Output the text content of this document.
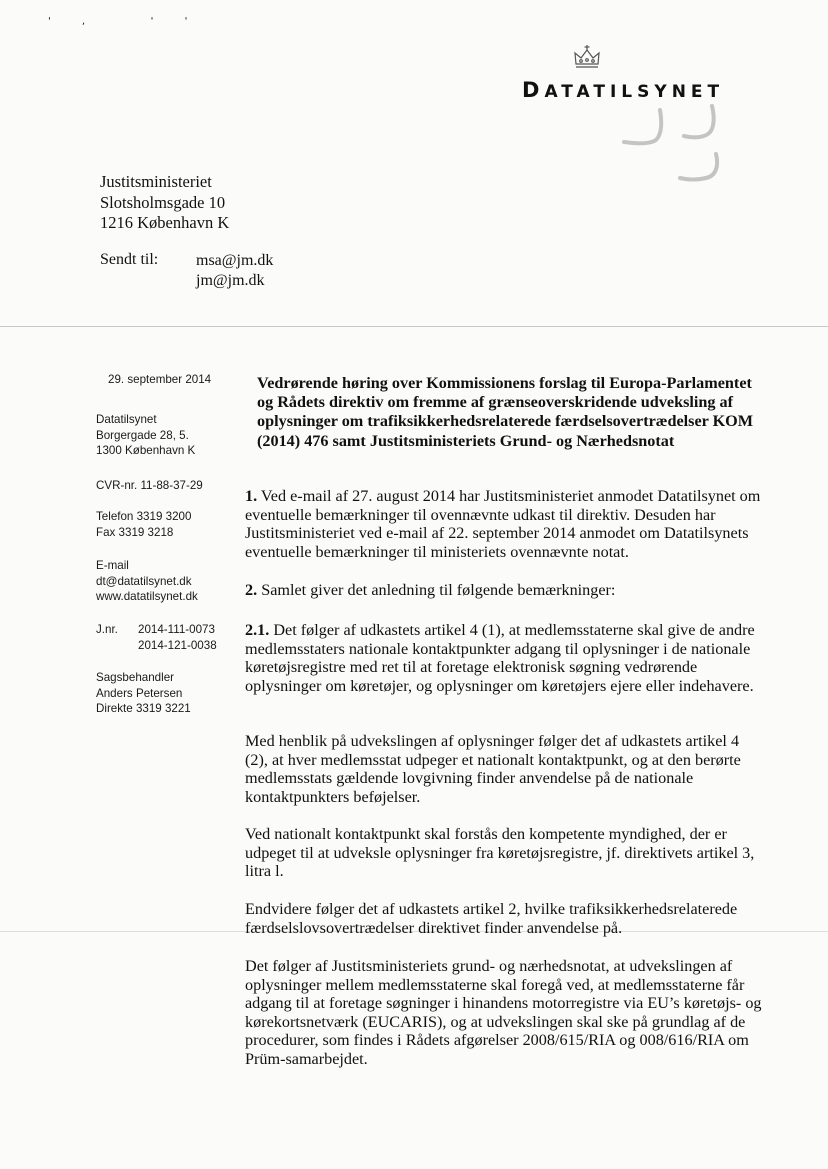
' ,   ' '
DATATILSYNET
Justitsministeriet
Slotsholmsgade 10
1216 København K
Sendt til: msa@jm.dk
jm@jm.dk
29. september 2014
Datatilsynet
Borgergade 28, 5.
1300 København K
CVR-nr. 11-88-37-29
Telefon 3319 3200
Fax 3319 3218
E-mail
dt@datatilsynet.dk
www.datatilsynet.dk
J.nr.	2014-111-0073
2014-121-0038
Sagsbehandler
Anders Petersen
Direkte 3319 3221
Vedrørende høring over Kommissionens forslag til Europa-Parlamentet og Rådets direktiv om fremme af grænseoverskridende udveksling af oplysninger om trafiksikkerhedsrelaterede færdselsovertrædelser KOM (2014) 476 samt Justitsministeriets Grund- og Nærhedsnotat
1. Ved e-mail af 27. august 2014 har Justitsministeriet anmodet Datatilsynet om eventuelle bemærkninger til ovennævnte udkast til direktiv. Desuden har Justitsministeriet ved e-mail af 22. september 2014 anmodet om Datatilsynets eventuelle bemærkninger til ministeriets ovennævnte notat.
2. Samlet giver det anledning til følgende bemærkninger:
2.1. Det følger af udkastets artikel 4 (1), at medlemsstaterne skal give de andre medlemsstaters nationale kontaktpunkter adgang til oplysninger i de nationale køretøjsregistre med ret til at foretage elektronisk søgning vedrørende oplysninger om køretøjer, og oplysninger om køretøjers ejere eller indehavere.
Med henblik på udvekslingen af oplysninger følger det af udkastets artikel 4 (2), at hver medlemsstat udpeger et nationalt kontaktpunkt, og at den berørte medlemsstats gældende lovgivning finder anvendelse på de nationale kontaktpunkters beføjelser.
Ved nationalt kontaktpunkt skal forstås den kompetente myndighed, der er udpeget til at udveksle oplysninger fra køretøjsregistre, jf. direktivets artikel 3, litra l.
Endvidere følger det af udkastets artikel 2, hvilke trafiksikkerhedsrelaterede færdselslovsovertrædelser direktivet finder anvendelse på.
Det følger af Justitsministeriets grund- og nærhedsnotat, at udvekslingen af oplysninger mellem medlemsstaterne skal foregå ved, at medlemsstaterne får adgang til at foretage søgninger i hinandens motorregistre via EU’s køretøjs- og kørekortsnetværk (EUCARIS), og at udvekslingen skal ske på grundlag af de procedurer, som findes i Rådets afgørelser 2008/615/RIA og 008/616/RIA om Prüm-samarbejdet.
